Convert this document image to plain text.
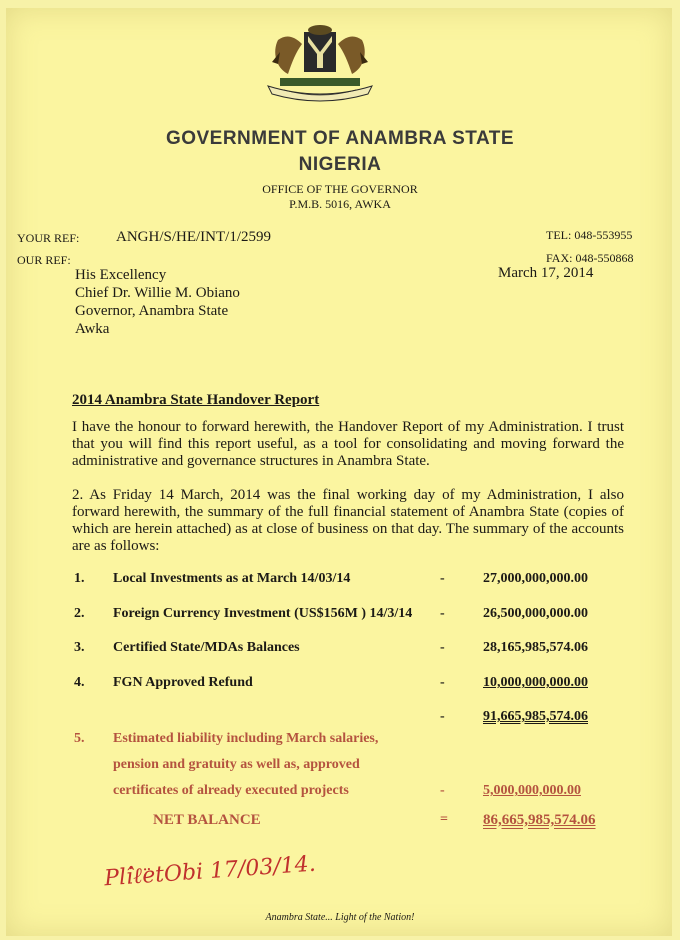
GOVERNMENT OF ANAMBRA STATE
NIGERIA
OFFICE OF THE GOVERNOR
P.M.B. 5016, AWKA
YOUR REF: ANGH/S/HE/INT/1/2599	TEL: 048-553955
OUR REF:	FAX: 048-550868
March 17, 2014
His Excellency
Chief Dr. Willie M. Obiano
Governor, Anambra State
Awka
2014 Anambra State Handover Report
I have the honour to forward herewith, the Handover Report of my Administration. I trust that you will find this report useful, as a tool for consolidating and moving forward the administrative and governance structures in Anambra State.
2. As Friday 14 March, 2014 was the final working day of my Administration, I also forward herewith, the summary of the full financial statement of Anambra State (copies of which are herein attached) as at close of business on that day. The summary of the accounts are as follows:
1. Local Investments as at March 14/03/14	-	27,000,000,000.00
2. Foreign Currency Investment (US$156M ) 14/3/14 -	26,500,000,000.00
3. Certified State/MDAs Balances	-	28,165,985,574.06
4. FGN Approved Refund	-	10,000,000,000.00
-	91,665,985,574.06
5. Estimated liability including March salaries,
pension and gratuity as well as, approved
certificates of already executed projects	-	5,000,000,000.00
NET BALANCE	= 86,665,985,574.06
Pli̇̂ℓ̈etObi 17/03/14.
Anambra State... Light of the Nation!
